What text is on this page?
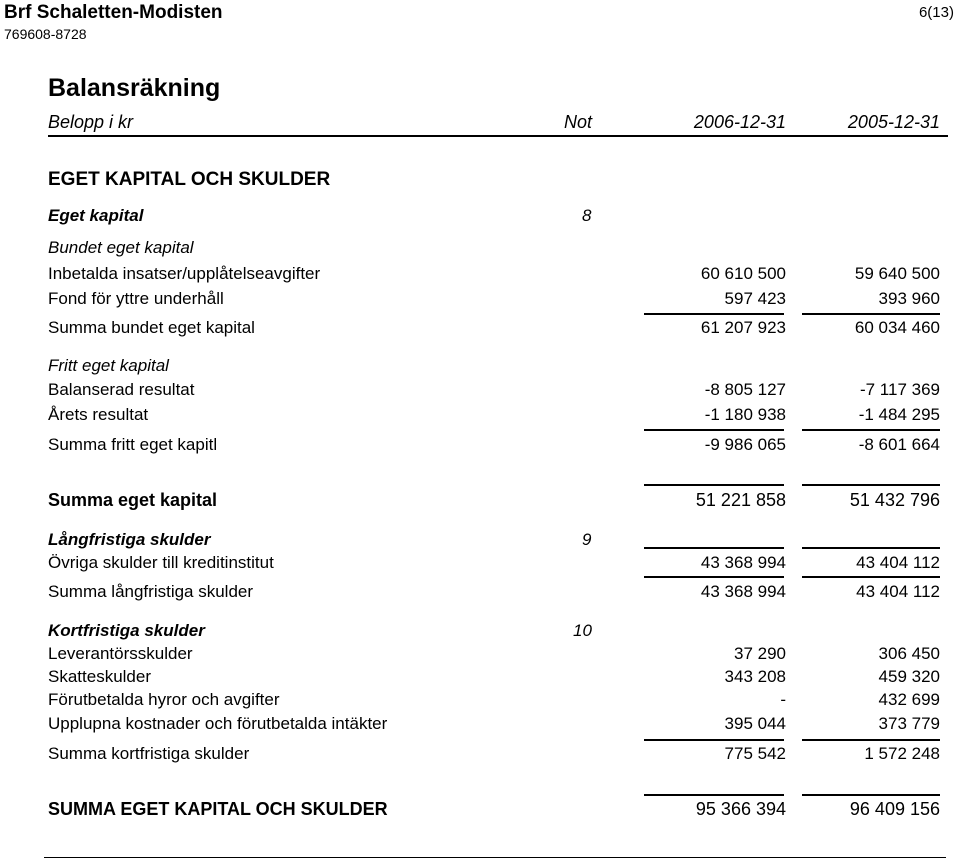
Brf Schaletten-Modisten
769608-8728
6(13)
Balansräkning
Belopp i kr	Not	2006-12-31	2005-12-31
EGET KAPITAL OCH SKULDER
Eget kapital	8
Bundet eget kapital
Inbetalda insatser/upplåtelseavgifter	60 610 500	59 640 500
Fond för yttre underhåll	597 423	393 960
Summa bundet eget kapital	61 207 923	60 034 460
Fritt eget kapital
Balanserad resultat	-8 805 127	-7 117 369
Årets resultat	-1 180 938	-1 484 295
Summa fritt eget kapitl	-9 986 065	-8 601 664
Summa eget kapital	51 221 858	51 432 796
Långfristiga skulder	9
Övriga skulder till kreditinstitut	43 368 994	43 404 112
Summa långfristiga skulder	43 368 994	43 404 112
Kortfristiga skulder	10
Leverantörsskulder	37 290	306 450
Skatteskulder	343 208	459 320
Förutbetalda hyror och avgifter	-	432 699
Upplupna kostnader och förutbetalda intäkter	395 044	373 779
Summa kortfristiga skulder	775 542	1 572 248
SUMMA EGET KAPITAL OCH SKULDER	95 366 394	96 409 156
